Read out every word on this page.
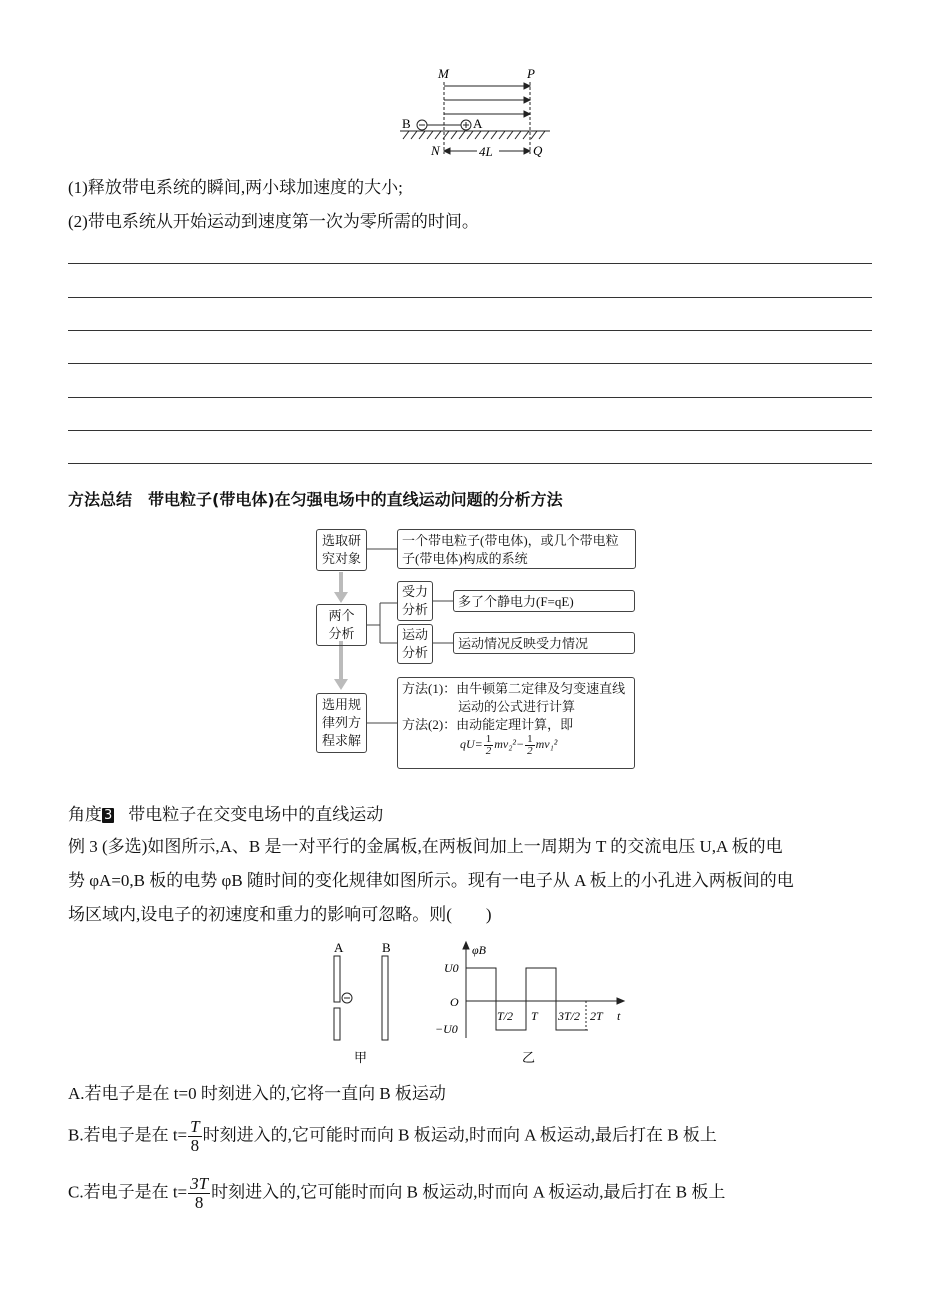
M	P
B	A
N	Q
4L
(1)释放带电系统的瞬间,两小球加速度的大小;
(2)带电系统从开始运动到速度第一次为零所需的时间。
方法总结　带电粒子(带电体)在匀强电场中的直线运动问题的分析方法
选取研
究对象
一个带电粒子(带电体)，或几个带电粒
子(带电体)构成的系统
两个
分析
受力
分析
多了个静电力(F=qE)
运动
分析
运动情况反映受力情况
选用规
律列方
程求解
方法(1)：由牛顿第二定律及匀变速直线
运动的公式进行计算
方法(2)：由动能定理计算，即
$qU= \frac{1}{2} mv_2^2- \frac{1}{2} mv_1^2$
角度 3 带电粒子在交变电场中的直线运动
例 3 (多选)如图所示,A、B 是一对平行的金属板,在两板间加上一周期为 T 的交流电压 U,A 板的电
势 φA=0,B 板的电势 φB 随时间的变化规律如图所示。现有一电子从 A 板上的小孔进入两板间的电
场区域内,设电子的初速度和重力的影响可忽略。则(　　)
A	B
甲
φB
U0
O
−U0
T/2 T 3T/2 2T t
乙
A.若电子是在 t=0 时刻进入的,它将一直向 B 板运动
B.若电子是在 $t= \frac{T}{8}$ 时刻进入的,它可能时而向 B 板运动,时而向 A 板运动,最后打在 B 板上
C.若电子是在 $t= \frac{3T}{8}$ 时刻进入的,它可能时而向 B 板运动,时而向 A 板运动,最后打在 B 板上
